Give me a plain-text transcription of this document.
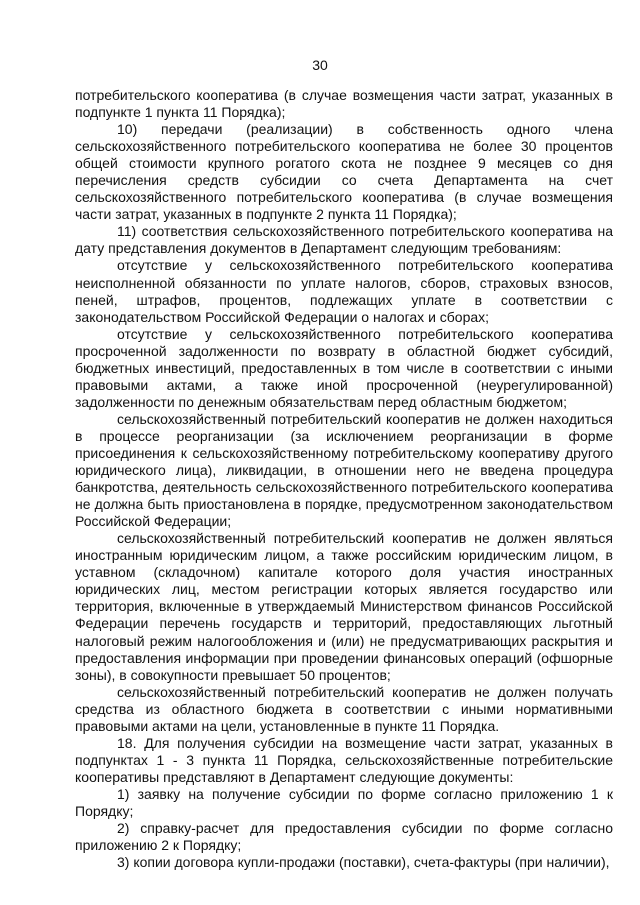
30

потребительского кооператива (в случае возмещения части затрат, указанных в подпункте 1 пункта 11 Порядка);

10) передачи (реализации) в собственность одного члена сельскохозяйственного потребительского кооператива не более 30 процентов общей стоимости крупного рогатого скота не позднее 9 месяцев со дня перечисления средств субсидии со счета Департамента на счет сельскохозяйственного потребительского кооператива (в случае возмещения части затрат, указанных в подпункте 2 пункта 11 Порядка);

11) соответствия сельскохозяйственного потребительского кооператива на дату представления документов в Департамент следующим требованиям:

отсутствие у сельскохозяйственного потребительского кооператива неисполненной обязанности по уплате налогов, сборов, страховых взносов, пеней, штрафов, процентов, подлежащих уплате в соответствии с законодательством Российской Федерации о налогах и сборах;

отсутствие у сельскохозяйственного потребительского кооператива просроченной задолженности по возврату в областной бюджет субсидий, бюджетных инвестиций, предоставленных в том числе в соответствии с иными правовыми актами, а также иной просроченной (неурегулированной) задолженности по денежным обязательствам перед областным бюджетом;

сельскохозяйственный потребительский кооператив не должен находиться в процессе реорганизации (за исключением реорганизации в форме присоединения к сельскохозяйственному потребительскому кооперативу другого юридического лица), ликвидации, в отношении него не введена процедура банкротства, деятельность сельскохозяйственного потребительского кооператива не должна быть приостановлена в порядке, предусмотренном законодательством Российской Федерации;

сельскохозяйственный потребительский кооператив не должен являться иностранным юридическим лицом, а также российским юридическим лицом, в уставном (складочном) капитале которого доля участия иностранных юридических лиц, местом регистрации которых является государство или территория, включенные в утверждаемый Министерством финансов Российской Федерации перечень государств и территорий, предоставляющих льготный налоговый режим налогообложения и (или) не предусматривающих раскрытия и предоставления информации при проведении финансовых операций (офшорные зоны), в совокупности превышает 50 процентов;

сельскохозяйственный потребительский кооператив не должен получать средства из областного бюджета в соответствии с иными нормативными правовыми актами на цели, установленные в пункте 11 Порядка.

18. Для получения субсидии на возмещение части затрат, указанных в подпунктах 1 - 3 пункта 11 Порядка, сельскохозяйственные потребительские кооперативы представляют в Департамент следующие документы:

1) заявку на получение субсидии по форме согласно приложению 1 к Порядку;

2) справку-расчет для предоставления субсидии по форме согласно приложению 2 к Порядку;

3) копии договора купли-продажи (поставки), счета-фактуры (при наличии),
